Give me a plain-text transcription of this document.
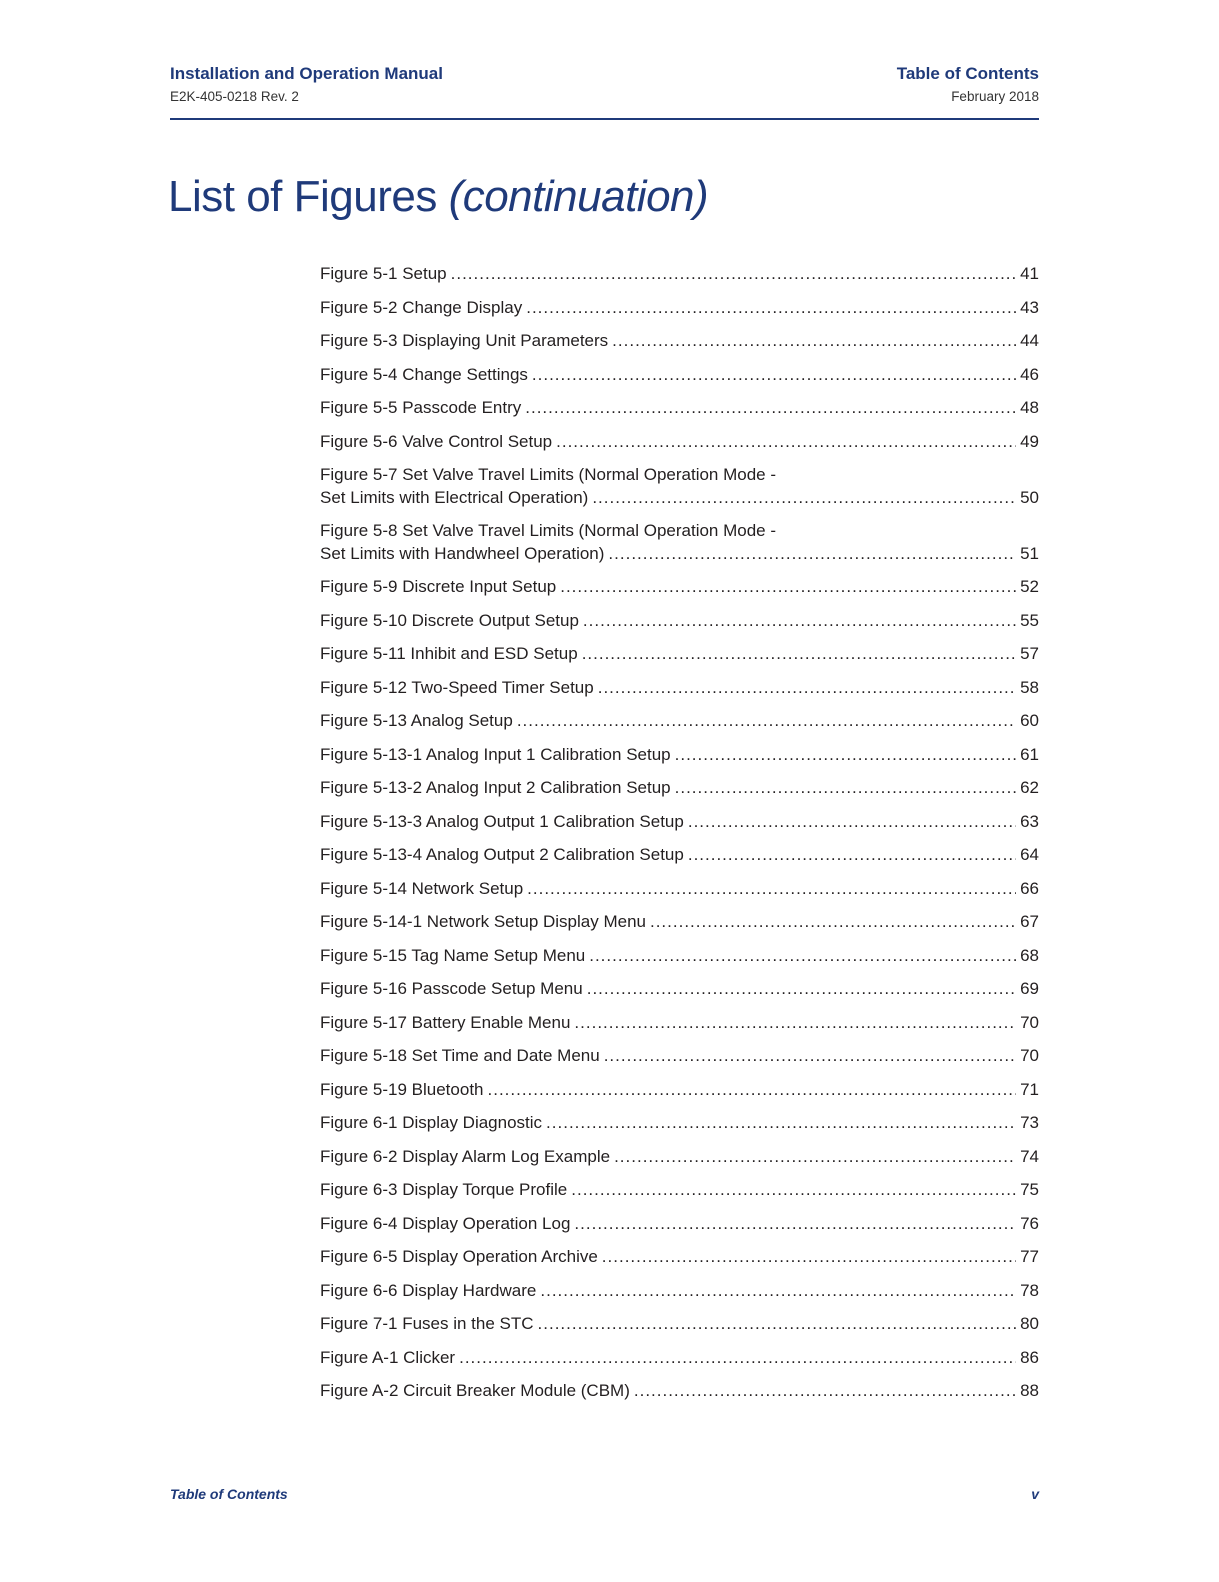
Installation and Operation Manual
E2K-405-0218 Rev. 2
Table of Contents
February 2018
List of Figures (continuation)
Figure 5-1 Setup .....	41
Figure 5-2 Change Display .....	43
Figure 5-3 Displaying Unit Parameters .....	44
Figure 5-4 Change Settings .....	46
Figure 5-5 Passcode Entry .....	48
Figure 5-6 Valve Control Setup .....	49
Figure 5-7 Set Valve Travel Limits (Normal Operation Mode -
Set Limits with Electrical Operation) .....	50
Figure 5-8 Set Valve Travel Limits (Normal Operation Mode -
Set Limits with Handwheel Operation) .....	51
Figure 5-9 Discrete Input Setup .....	52
Figure 5-10 Discrete Output Setup .....	55
Figure 5-11 Inhibit and ESD Setup .....	57
Figure 5-12 Two-Speed Timer Setup .....	58
Figure 5-13 Analog Setup .....	60
Figure 5-13-1 Analog Input 1 Calibration Setup .....	61
Figure 5-13-2 Analog Input 2 Calibration Setup .....	62
Figure 5-13-3 Analog Output 1 Calibration Setup .....	63
Figure 5-13-4 Analog Output 2 Calibration Setup .....	64
Figure 5-14 Network Setup .....	66
Figure 5-14-1 Network Setup Display Menu .....	67
Figure 5-15 Tag Name Setup Menu .....	68
Figure 5-16 Passcode Setup Menu .....	69
Figure 5-17 Battery Enable Menu .....	70
Figure 5-18 Set Time and Date Menu .....	70
Figure 5-19 Bluetooth .....	71
Figure 6-1 Display Diagnostic .....	73
Figure 6-2 Display Alarm Log Example .....	74
Figure 6-3 Display Torque Profile .....	75
Figure 6-4 Display Operation Log .....	76
Figure 6-5 Display Operation Archive .....	77
Figure 6-6 Display Hardware .....	78
Figure 7-1 Fuses in the STC .....	80
Figure A-1 Clicker .....	86
Figure A-2 Circuit Breaker Module (CBM) .....	88
Table of Contents	v
